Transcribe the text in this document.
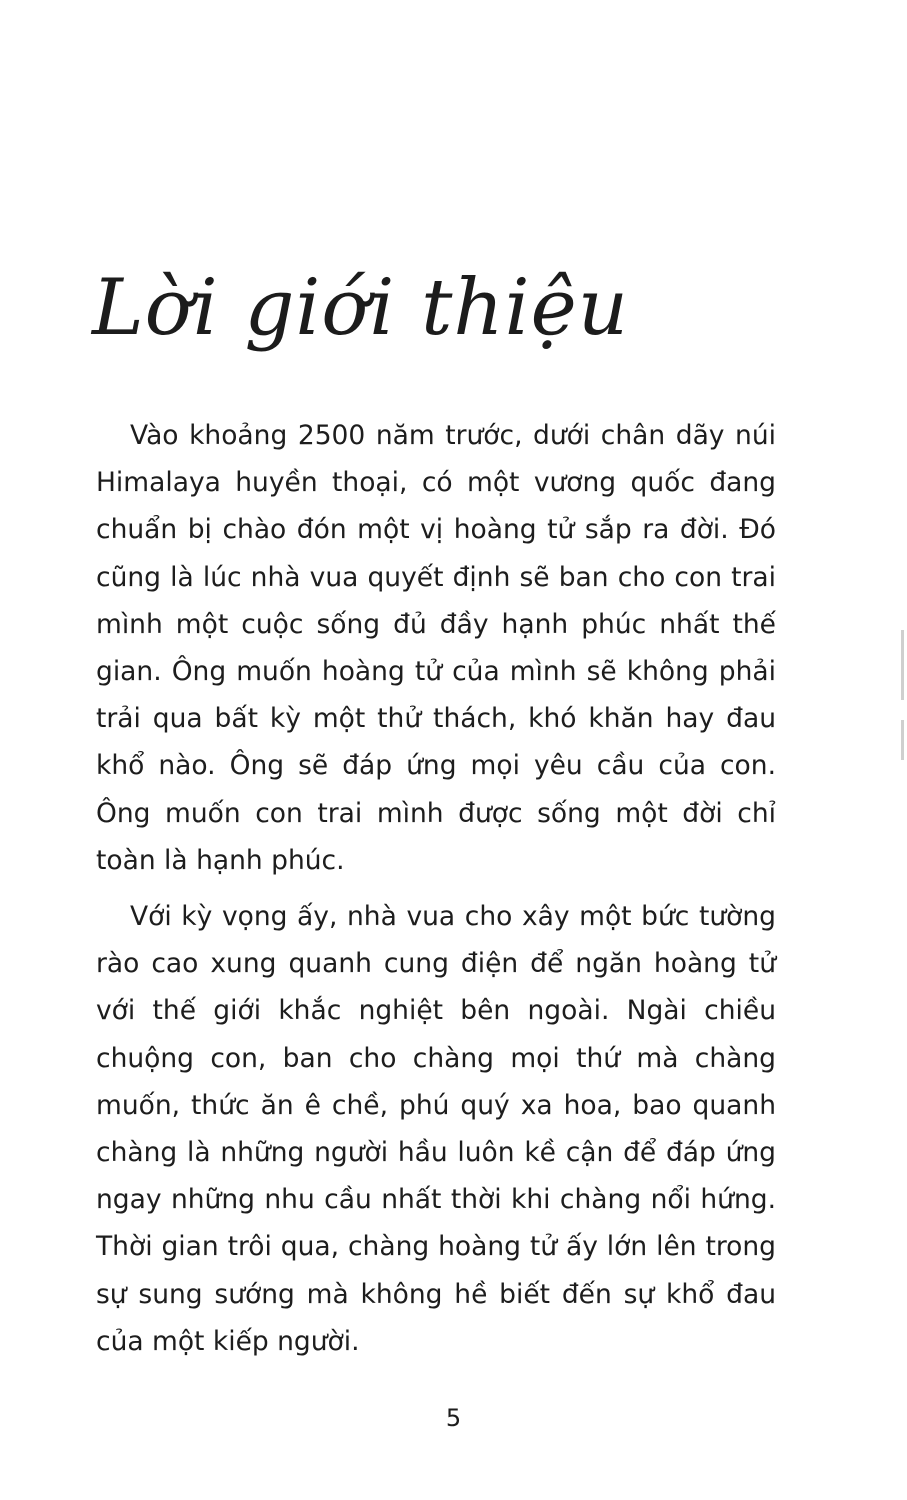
Lời giới thiệu

Vào khoảng 2500 năm trước, dưới chân dãy núi Himalaya huyền thoại, có một vương quốc đang chuẩn bị chào đón một vị hoàng tử sắp ra đời. Đó cũng là lúc nhà vua quyết định sẽ ban cho con trai mình một cuộc sống đủ đầy hạnh phúc nhất thế gian. Ông muốn hoàng tử của mình sẽ không phải trải qua bất kỳ một thử thách, khó khăn hay đau khổ nào. Ông sẽ đáp ứng mọi yêu cầu của con. Ông muốn con trai mình được sống một đời chỉ toàn là hạnh phúc.

Với kỳ vọng ấy, nhà vua cho xây một bức tường rào cao xung quanh cung điện để ngăn hoàng tử với thế giới khắc nghiệt bên ngoài. Ngài chiều chuộng con, ban cho chàng mọi thứ mà chàng muốn, thức ăn ê chề, phú quý xa hoa, bao quanh chàng là những người hầu luôn kề cận để đáp ứng ngay những nhu cầu nhất thời khi chàng nổi hứng. Thời gian trôi qua, chàng hoàng tử ấy lớn lên trong sự sung sướng mà không hề biết đến sự khổ đau của một kiếp người.

5
